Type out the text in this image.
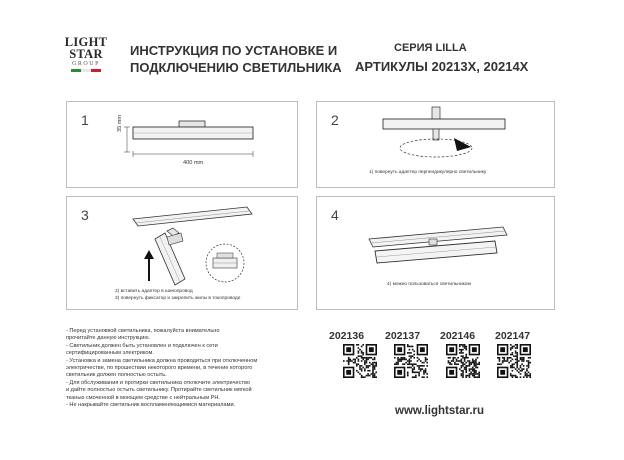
LIGHT
STAR
GROUP
ИНСТРУКЦИЯ ПО УСТАНОВКЕ И
ПОДКЛЮЧЕНИЮ СВЕТИЛЬНИКА
СЕРИЯ LILLA
АРТИКУЛЫ 20213X, 20214X
1	35 mm
400 mm
2
1) повернуть адаптер перпендикулярно светильнику
3
2) вставить адаптер в шинопровод
3) повернуть фиксатор и закрепить жилы в токопроводе
4
4) можно пользоваться светильником

- Перед установкой светильника, пожалуйста внимательно

прочитайте данную инструкцию.

- Светильник должен быть установлен и подключен к сети

сертифицированным электриком.

- Установка и замена светильника должна проводиться при отключенном

электричестве, по прошествии некоторого времени, в течение которого

светильник должен полностью остыть.

- Для обслуживания и протирки светильника отключите электричество

и дайте полностью остыть светильнику. Протирайте светильник мягкой

тканью смоченной в моющем средстве с нейтральным PH.

- Не накрывайте светильник воспламеняющимися материалами.

202136 202137 202146 202147
www.lightstar.ru
